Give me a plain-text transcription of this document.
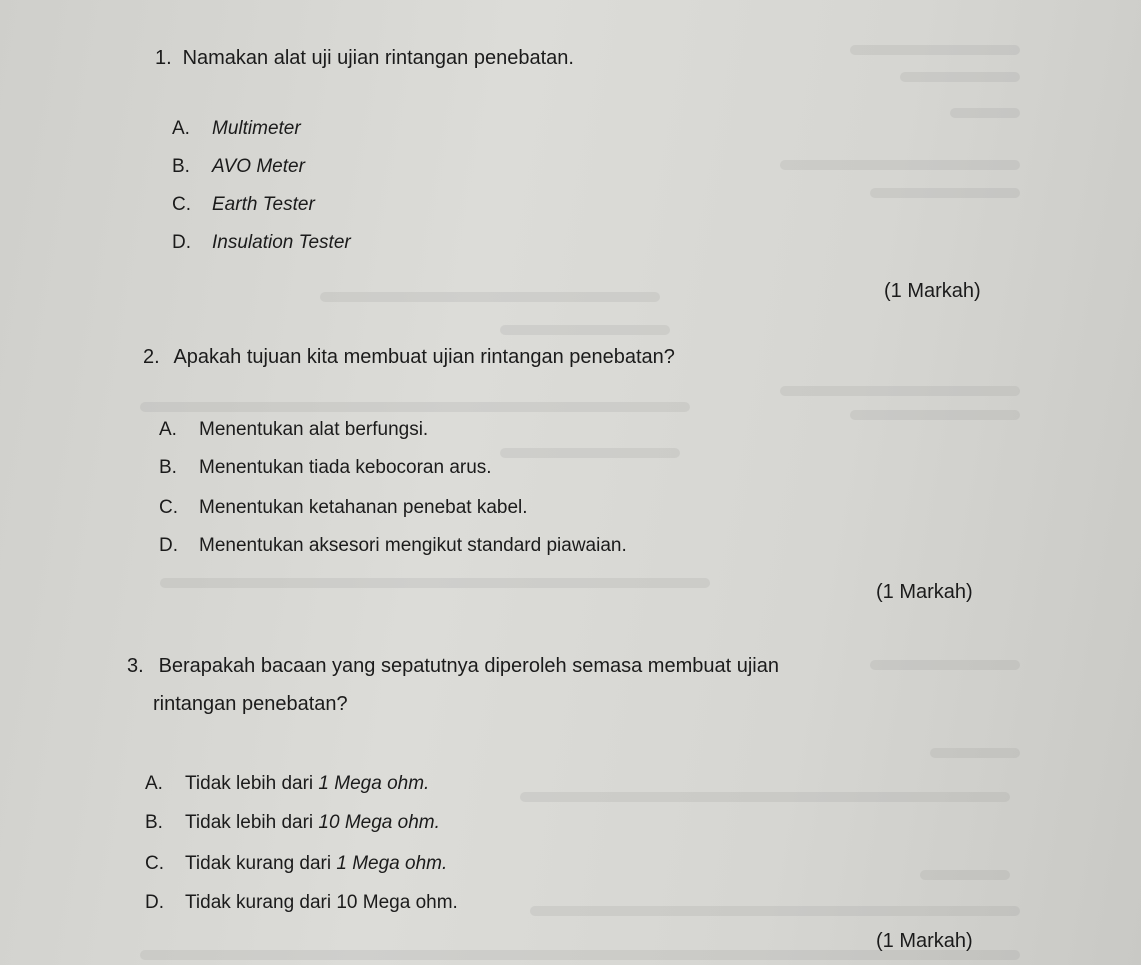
1. Namakan alat uji ujian rintangan penebatan.
A. Multimeter
B. AVO Meter
C. Earth Tester
D. Insulation Tester
(1 Markah)
2. Apakah tujuan kita membuat ujian rintangan penebatan?
A. Menentukan alat berfungsi.
B. Menentukan tiada kebocoran arus.
C. Menentukan ketahanan penebat kabel.
D. Menentukan aksesori mengikut standard piawaian.
(1 Markah)
3. Berapakah bacaan yang sepatutnya diperoleh semasa membuat ujian
rintangan penebatan?
A. Tidak lebih dari 1 Mega ohm.
B. Tidak lebih dari 10 Mega ohm.
C. Tidak kurang dari 1 Mega ohm.
D. Tidak kurang dari 10 Mega ohm.
(1 Markah)
